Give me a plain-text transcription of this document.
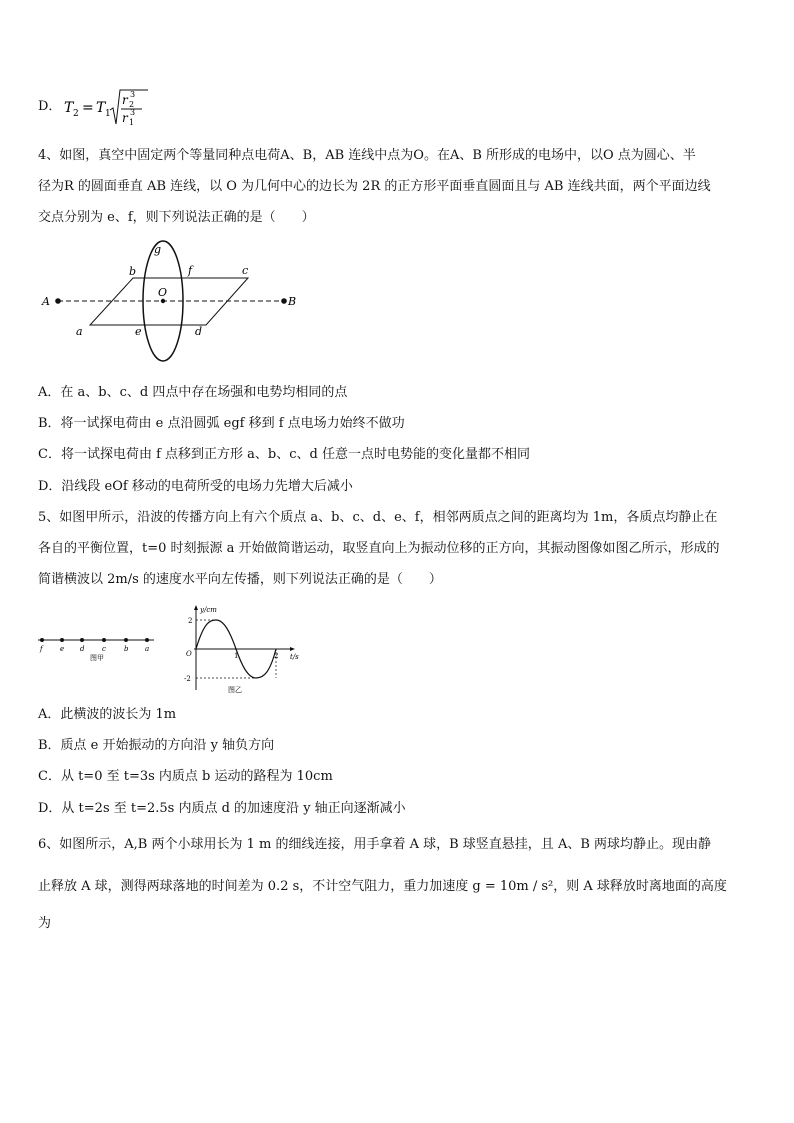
D． T 2 = T 1
r 2
3
r 1
3
4、如图，真空中固定两个等量同种点电荷A、B，AB 连线中点为O。在A、B 所形成的电场中，以O 点为圆心、半
径为R 的圆面垂直 AB 连线，以 O 为几何中心的边长为 2R 的正方形平面垂直圆面且与 AB 连线共面，两个平面边线
交点分别为 e、f，则下列说法正确的是（　　）
g
b	f	c
O
A	B
a	e	d
A．在 a、b、c、d 四点中存在场强和电势均相同的点
B．将一试探电荷由 e 点沿圆弧 egf 移到 f 点电场力始终不做功
C．将一试探电荷由 f 点移到正方形 a、b、c、d 任意一点时电势能的变化量都不相同
D．沿线段 eOf 移动的电荷所受的电场力先增大后减小
5、如图甲所示，沿波的传播方向上有六个质点 a、b、c、d、e、f，相邻两质点之间的距离均为 1m，各质点均静止在
各自的平衡位置，t=0 时刻振源 a 开始做简谐运动，取竖直向上为振动位移的正方向，其振动图像如图乙所示，形成的
简谐横波以 2m/s 的速度水平向左传播，则下列说法正确的是（　　）
f e d	c	b a
图甲
y/cm
t/s
O
2
-2
1	2
图乙
A．此横波的波长为 1m
B．质点 e 开始振动的方向沿 y 轴负方向
C．从 t=0 至 t=3s 内质点 b 运动的路程为 10cm
D．从 t=2s 至 t=2.5s 内质点 d 的加速度沿 y 轴正向逐渐减小
6、如图所示，A,B 两个小球用长为 1 m 的细线连接，用手拿着 A 球，B 球竖直悬挂，且 A、B 两球均静止。现由静
止释放 A 球，测得两球落地的时间差为 0.2 s，不计空气阻力，重力加速度 g = 10m / s²，则 A 球释放时离地面的高度
为
